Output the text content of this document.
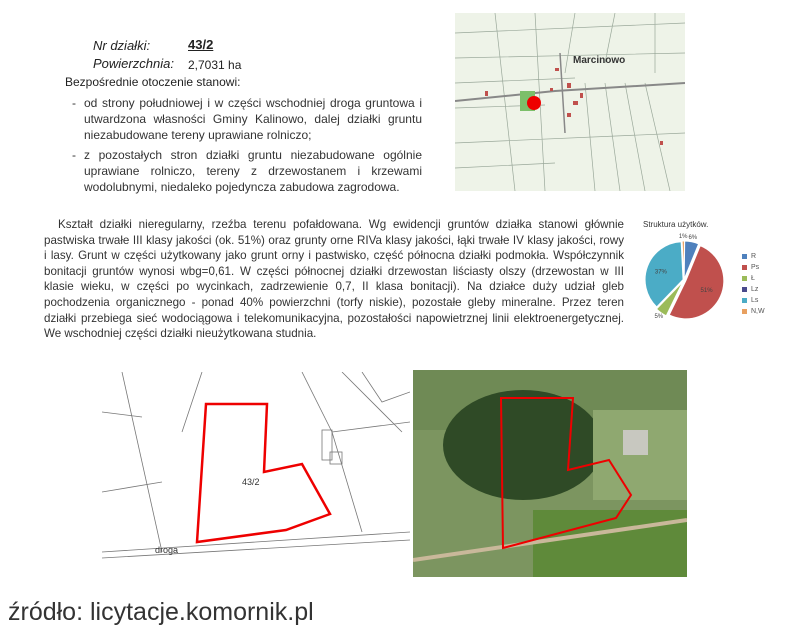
Nr działki:	43/2
Powierzchnia: 2,7031 ha
Bezpośrednie otoczenie stanowi:
- od strony południowej i w części wschodniej droga gruntowa i utwardzona własności Gminy Kalinowo, dalej działki gruntu niezabudowane tereny uprawiane rolniczo;
- z pozostałych stron działki gruntu niezabudowane ogólnie uprawiane rolniczo, tereny z drzewostanem i krzewami wodolubnymi, niedaleko pojedyncza zabudowa zagrodowa.
Marcinowo
Kształt działki nieregularny, rzeźba terenu pofałdowana. Wg ewidencji gruntów działka stanowi głównie pastwiska trwałe III klasy jakości (ok. 51%) oraz grunty orne RIVa klasy jakości, łąki trwałe IV klasy jakości, rowy i lasy. Grunt w części użytkowany jako grunt orny i pastwisko, część północna działki podmokła. Współczynnik bonitacji gruntów wynosi wbg=0,61. W części północnej działki drzewostan liściasty olszy (drzewostan w III klasie wieku, w części po wycinkach, zadrzewienie 0,7, II klasa bonitacji). Na działce duży udział gleb pochodzenia organicznego - ponad 40% powierzchni (torfy niskie), pozostałe gleby mineralne. Przez teren działki przebiega sieć wodociągowa i telekomunikacyjna, pozostałości napowietrznej linii elektroenergetycznej. We wschodniej części działki nieużytkowana studnia.
Struktura użytków.
1% 6%
51%
5%
37%
R
Ps
Ł
Lz
Ls
N,W
43/2
droga
źródło: licytacje.komornik.pl
